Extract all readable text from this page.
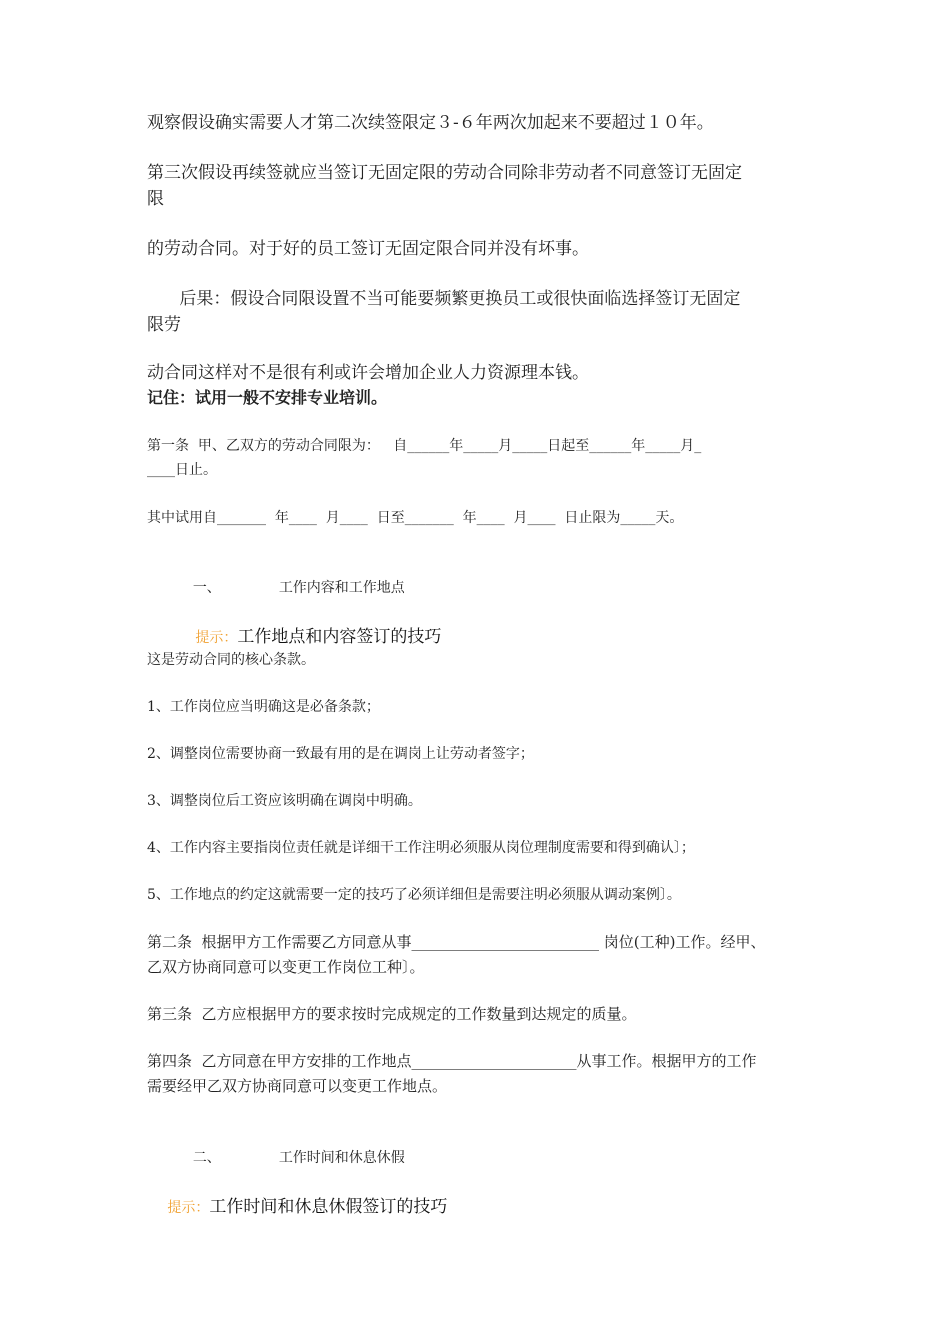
观察假设确实需要人才第二次续签限定３-６年两次加起来不要超过１０年。
第三次假设再续签就应当签订无固定限的劳动合同除非劳动者不同意签订无固定
限
的劳动合同。对于好的员工签订无固定限合同并没有坏事。
后果：假设合同限设置不当可能要频繁更换员工或很快面临选择签订无固定
限劳
动合同这样对不是很有利或许会增加企业人力资源理本钱。
记住：试用一般不安排专业培训。
第一条  甲、乙双方的劳动合同限为：   自______年_____月_____日起至______年_____月_
____日止。
其中试用自_______  年____  月____  日至_______  年____  月____  日止限为_____天。

一、	工作内容和工作地点

提示：工作地点和内容签订的技巧

这是劳动合同的核心条款。
1、工作岗位应当明确这是必备条款；
2、调整岗位需要协商一致最有用的是在调岗上让劳动者签字；
3、调整岗位后工资应该明确在调岗中明确。
4、工作内容主要指岗位责任就是详细干工作注明必须服从岗位理制度需要和得到确认〕；
5、工作地点的约定这就需要一定的技巧了必须详细但是需要注明必须服从调动案例〕。
第二条  根据甲方工作需要乙方同意从事_________________________ 岗位(工种)工作。经甲、
乙双方协商同意可以变更工作岗位工种〕。
第三条  乙方应根据甲方的要求按时完成规定的工作数量到达规定的质量。
第四条  乙方同意在甲方安排的工作地点______________________从事工作。根据甲方的工作
需要经甲乙双方协商同意可以变更工作地点。

二、	工作时间和休息休假

提示：工作时间和休息休假签订的技巧
